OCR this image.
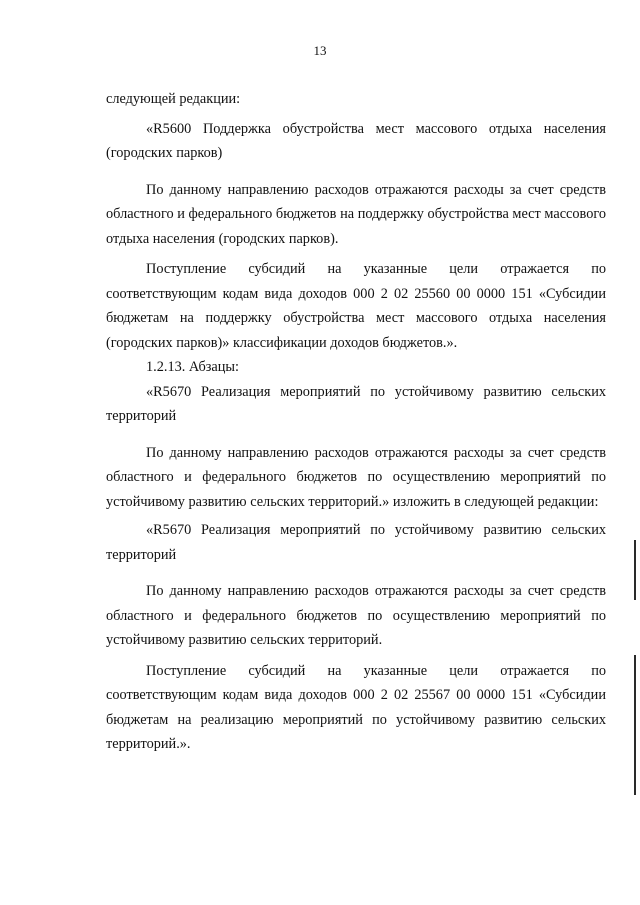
13

следующей редакции:

«R5600 Поддержка обустройства мест массового отдыха населения (городских парков)

По данному направлению расходов отражаются расходы за счет средств областного и федерального бюджетов на поддержку обустройства мест массового отдыха населения (городских парков).

Поступление субсидий на указанные цели отражается по соответствующим кодам вида доходов 000 2 02 25560 00 0000 151 «Субсидии бюджетам на поддержку обустройства мест массового отдыха населения (городских парков)» классификации доходов бюджетов.».

1.2.13. Абзацы:

«R5670 Реализация мероприятий по устойчивому развитию сельских территорий

По данному направлению расходов отражаются расходы за счет средств областного и федерального бюджетов по осуществлению мероприятий по устойчивому развитию сельских территорий.» изложить в следующей редакции:

«R5670 Реализация мероприятий по устойчивому развитию сельских территорий

По данному направлению расходов отражаются расходы за счет средств областного и федерального бюджетов по осуществлению мероприятий по устойчивому развитию сельских территорий.

Поступление субсидий на указанные цели отражается по соответствующим кодам вида доходов 000 2 02 25567 00 0000 151 «Субсидии бюджетам на реализацию мероприятий по устойчивому развитию сельских территорий.».
